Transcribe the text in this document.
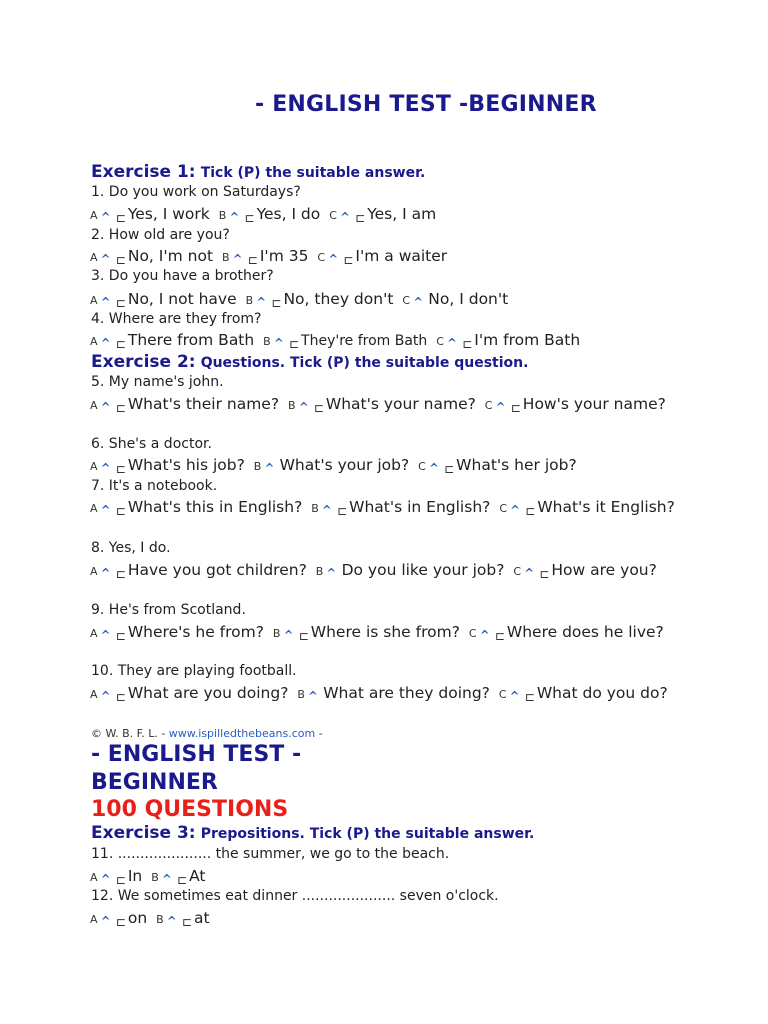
- ENGLISH TEST -BEGINNER
Exercise 1: Tick (P) the suitable answer.
1. Do you work on Saturdays?
A ‸⊏ Yes, I work B ‸⊏ Yes, I do C ‸⊏ Yes, I am
2. How old are you?
A ‸⊏ No, I'm not B ‸⊏ I'm 35 C ‸⊏ I'm a waiter
3. Do you have a brother?
A ‸⊏ No, I not have B ‸⊏ No, they don't C ‸ No, I don't
4. Where are they from?
A ‸⊏ There from Bath B ‸⊏ They're from Bath C ‸⊏ I'm from Bath
Exercise 2: Questions. Tick (P) the suitable question.
5. My name's john.
A ‸⊏ What's their name? B ‸⊏ What's your name? C ‸⊏ How's your name?
6. She's a doctor.
A ‸⊏ What's his job? B ‸ What's your job? C ‸⊏ What's her job?
7. It's a notebook.
A ‸⊏ What's this in English? B ‸⊏ What's in English? C ‸⊏ What's it English?
8. Yes, I do.
A ‸⊏ Have you got children? B ‸ Do you like your job? C ‸⊏ How are you?
9. He's from Scotland.
A ‸⊏ Where's he from? B ‸⊏ Where is she from? C ‸⊏ Where does he live?
10. They are playing football.
A ‸⊏ What are you doing? B ‸ What are they doing? C ‸⊏ What do you do?
© W. B. F. L. - www.ispilledthebeans.com -
- ENGLISH TEST -
BEGINNER
100 QUESTIONS
Exercise 3: Prepositions. Tick (P) the suitable answer.
11. ..................... the summer, we go to the beach.
A ‸⊏ In B ‸⊏ At
12. We sometimes eat dinner ..................... seven o'clock.
A ‸⊏ on B ‸⊏ at
